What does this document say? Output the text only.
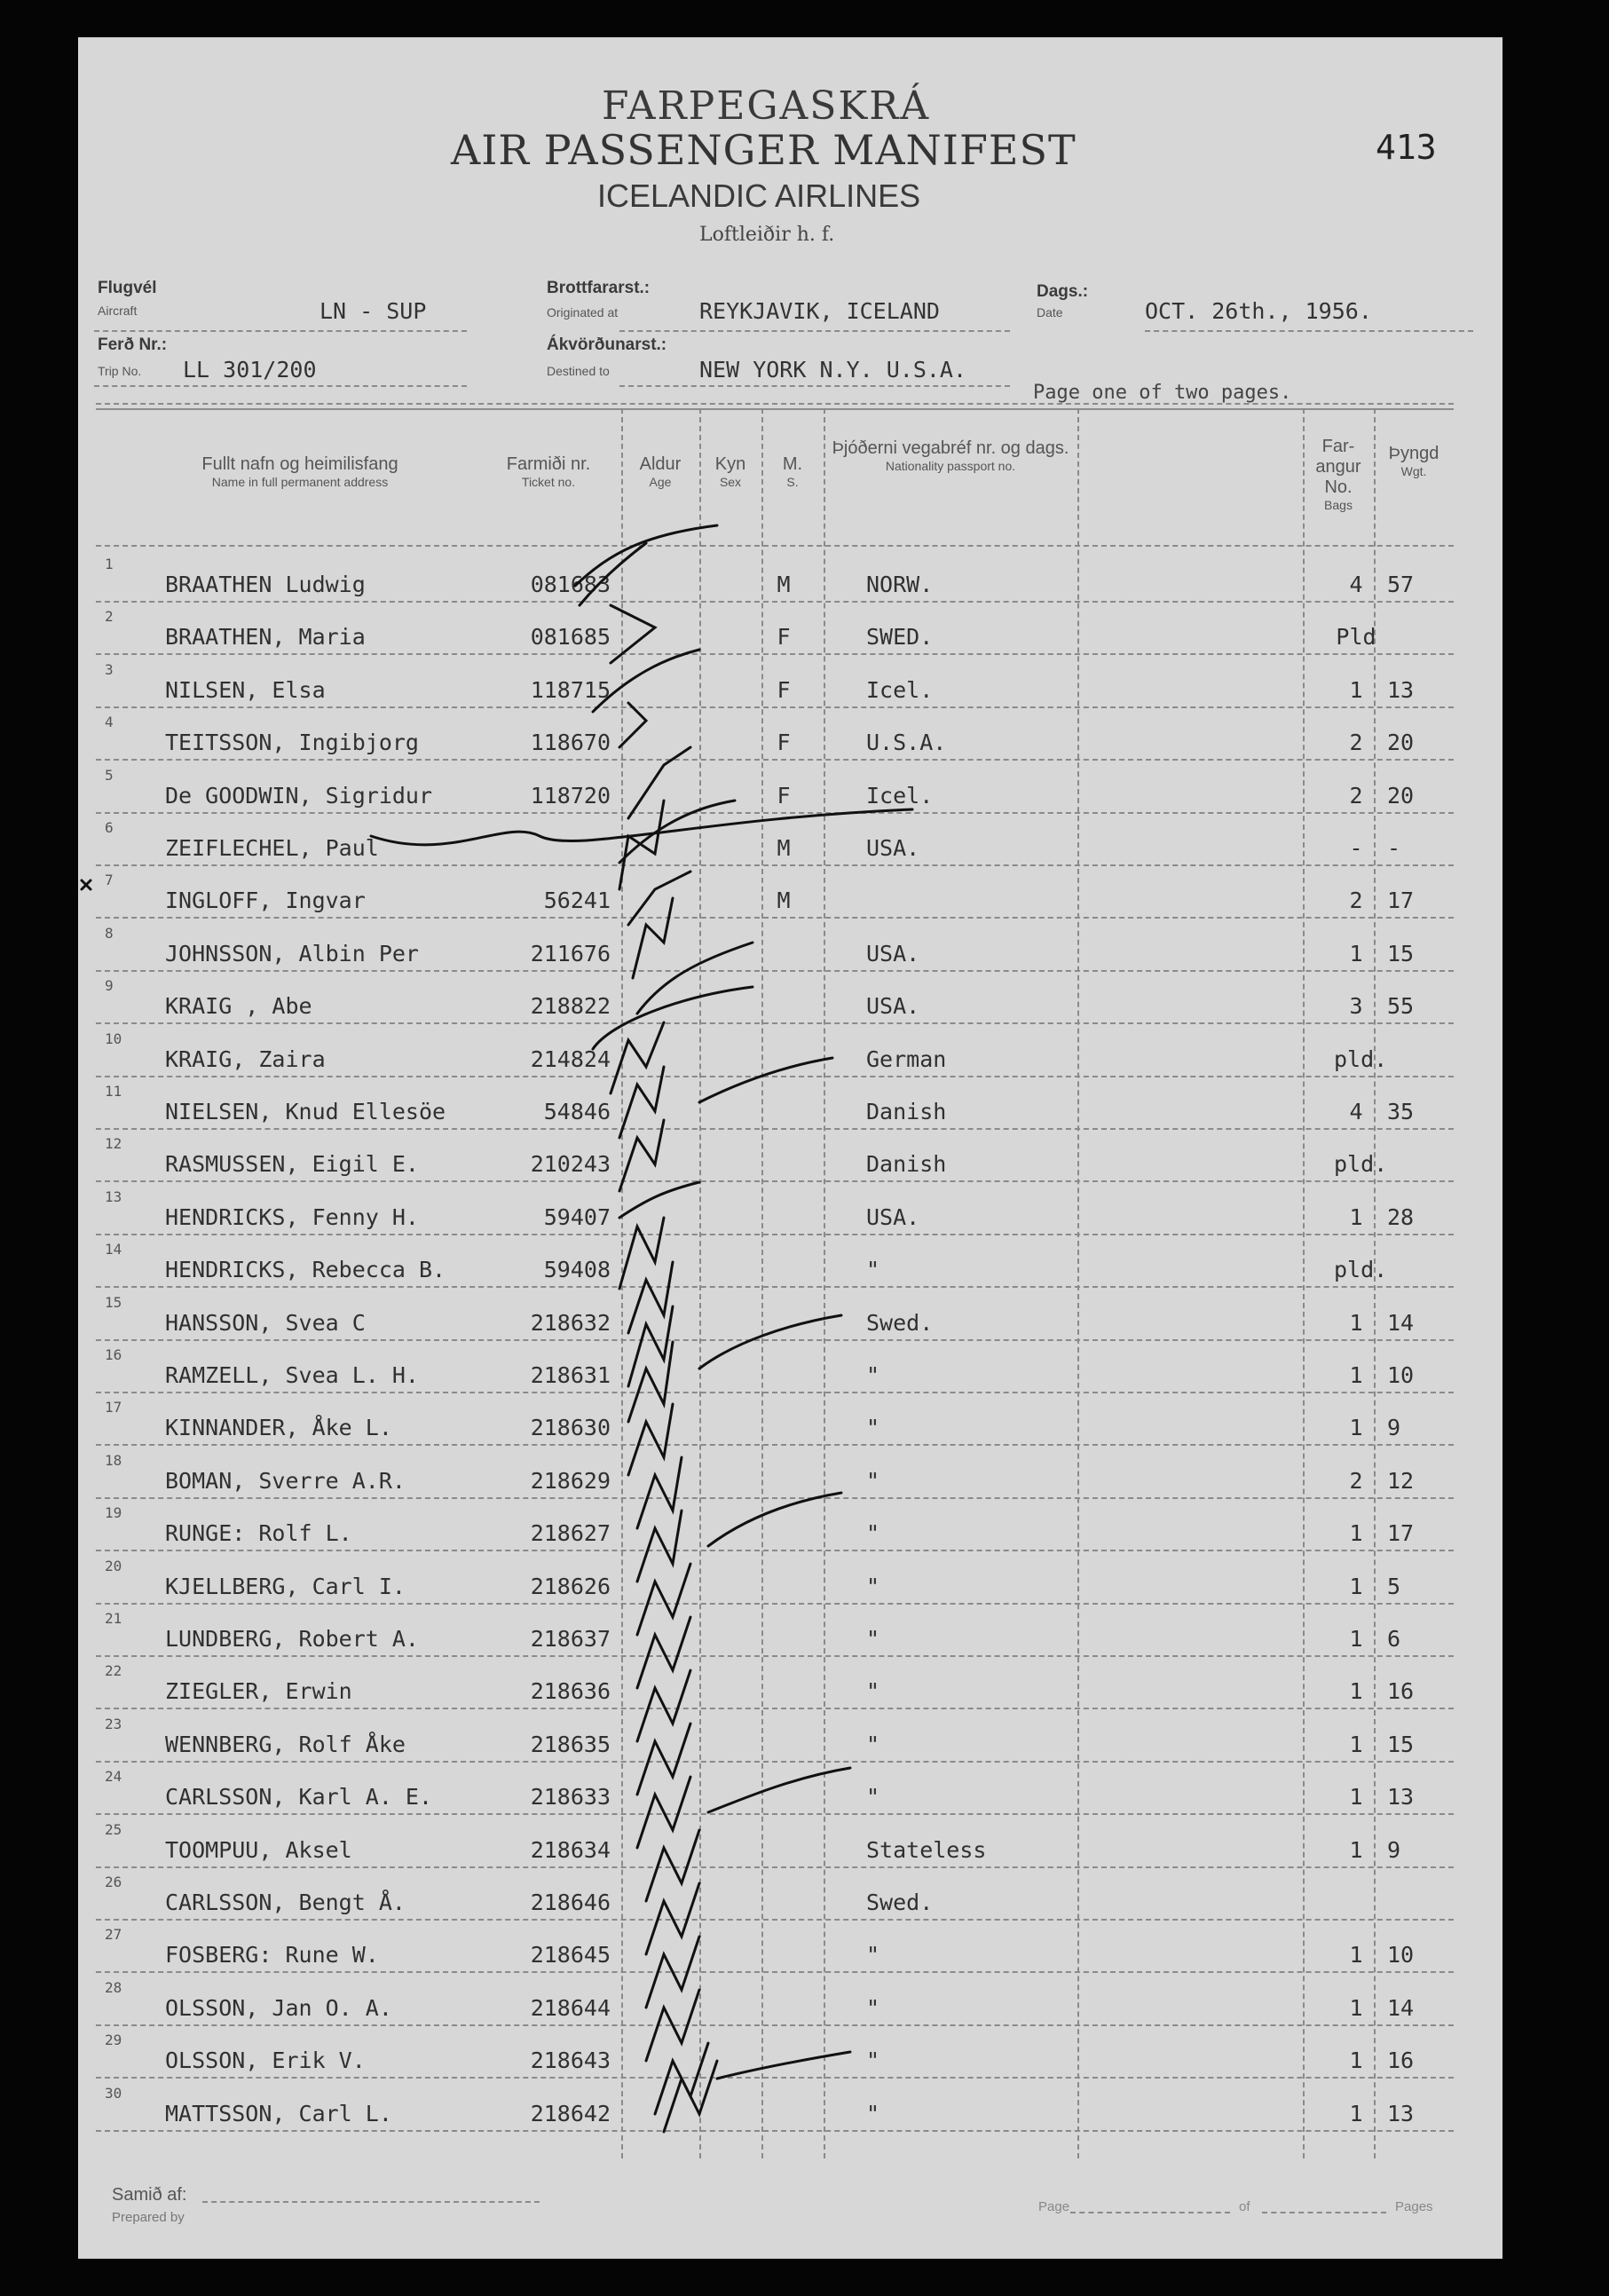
FARPEGASKRÁ
AIR PASSENGER MANIFEST
ICELANDIC AIRLINES
Loftleiðir h. f.
413
Flugvél
Aircraft	LN - SUP
Ferð Nr.:
Trip No. LL 301/200
Brottfararst.:
Originated at	REYKJAVIK, ICELAND
Ákvörðunarst.:
Destined to	NEW YORK N.Y. U.S.A.
Dags.:
Date	OCT. 26th., 1956.
Page one of two pages.
Fullt nafn og heimilisfang
Name in full permanent address
Farmiði nr.
Ticket no.
Aldur
Age
Kyn
Sex
M.
S.
Þjóðerni vegabréf nr. og dags.
Nationality passport no.
Far-angur No.
Bags
Þyngd
Wgt.
1
BRAATHEN Ludwig	081683	M	NORW.	4	57
2
BRAATHEN, Maria	081685	F	SWED.	Pld
3
NILSEN, Elsa	118715	F	Icel.	1	13
4
TEITSSON, Ingibjorg	118670	F	U.S.A.	2	20
5
De GOODWIN, Sigridur	118720	F	Icel.	2	20
6
ZEIFLECHEL, Paul	M	USA.	-	-
7
INGLOFF, Ingvar	56241	M	2	17
8
JOHNSSON, Albin Per	211676	USA.	1	15
9
KRAIG , Abe	218822	USA.	3	55
10
KRAIG, Zaira	214824	German	pld.
11
NIELSEN, Knud Ellesöe	54846	Danish	4	35
12
RASMUSSEN, Eigil E.	210243	Danish	pld.
13
HENDRICKS, Fenny H.	59407	USA.	1	28
14
HENDRICKS, Rebecca B.	59408	"	pld.
15
HANSSON, Svea C	218632	Swed.	1	14
16
RAMZELL, Svea L. H.	218631	"	1	10
17
KINNANDER, Åke L.	218630	"	1	9
18
BOMAN, Sverre A.R.	218629	"	2	12
19
RUNGE: Rolf L.	218627	"	1	17
20
KJELLBERG, Carl I.	218626	"	1	5
21
LUNDBERG, Robert A.	218637	"	1	6
22
ZIEGLER, Erwin	218636	"	1	16
23
WENNBERG, Rolf Åke	218635	"	1	15
24
CARLSSON, Karl A. E.	218633	"	1	13
25
TOOMPUU, Aksel	218634	Stateless	1	9
26
CARLSSON, Bengt Å.	218646	Swed.
27
FOSBERG: Rune W.	218645	"	1	10
28
OLSSON, Jan O. A.	218644	"	1	14
29
OLSSON, Erik V.	218643	"	1	16
30
MATTSSON, Carl L.	218642	"	1	13
Samið af:
Prepared by
Page	of	Pages
